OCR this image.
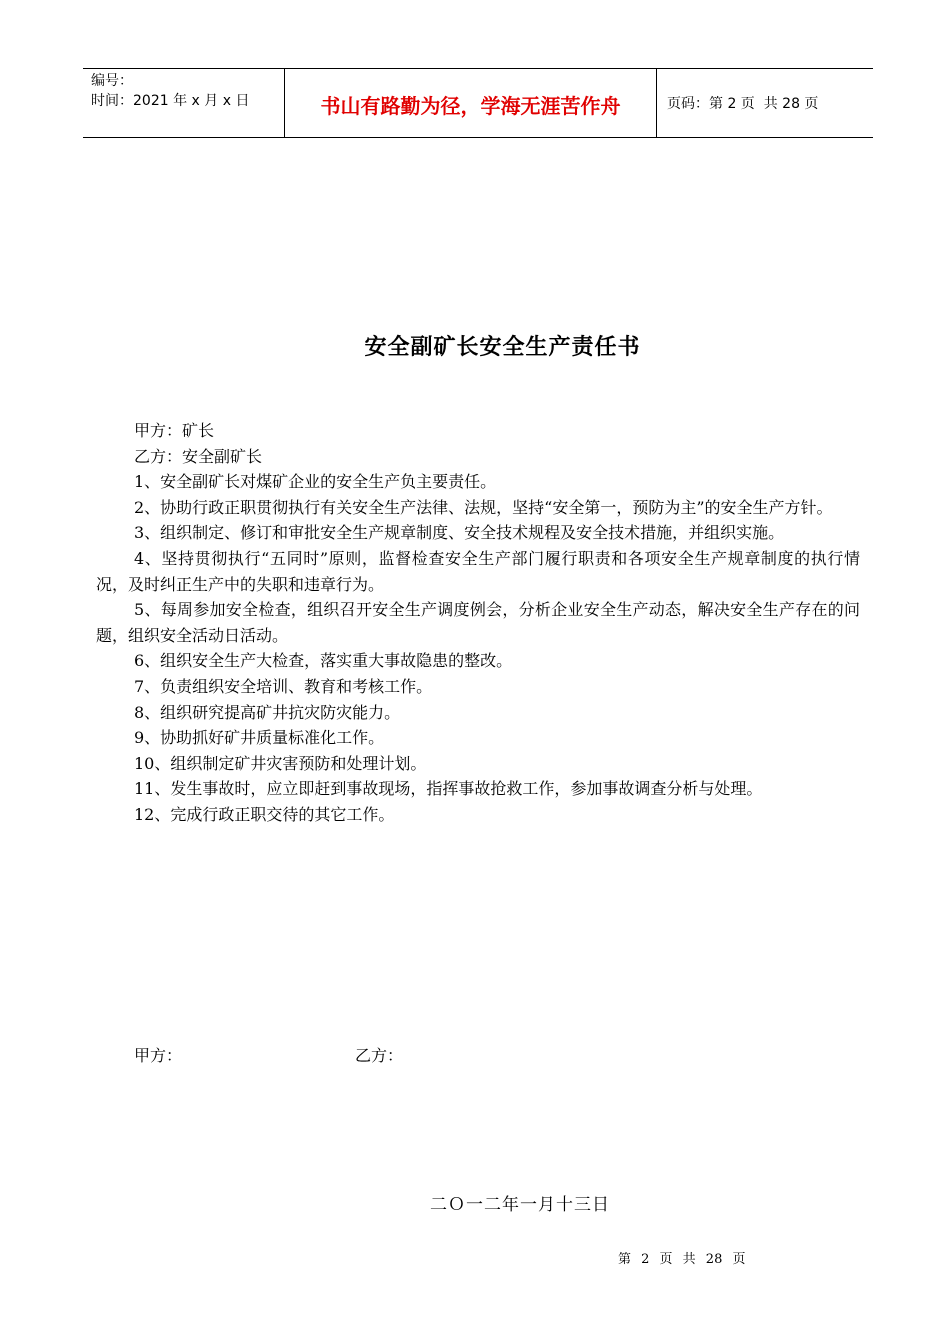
编号：
时间：2021 年 x 月 x 日	书山有路勤为径，学海无涯苦作舟	页码：第 2 页  共 28 页
安全副矿长安全生产责任书

甲方：矿长

乙方：安全副矿长

1、安全副矿长对煤矿企业的安全生产负主要责任。

2、协助行政正职贯彻执行有关安全生产法律、法规，坚持“安全第一，预防为主”的安全生产方针。

3、组织制定、修订和审批安全生产规章制度、安全技术规程及安全技术措施，并组织实施。

4、坚持贯彻执行“五同时”原则，监督检查安全生产部门履行职责和各项安全生产规章制度的执行情况，及时纠正生产中的失职和违章行为。

5、每周参加安全检查，组织召开安全生产调度例会，分析企业安全生产动态，解决安全生产存在的问题，组织安全活动日活动。

6、组织安全生产大检查，落实重大事故隐患的整改。

7、负责组织安全培训、教育和考核工作。

8、组织研究提高矿井抗灾防灾能力。

9、协助抓好矿井质量标准化工作。

10、组织制定矿井灾害预防和处理计划。

11、发生事故时，应立即赶到事故现场，指挥事故抢救工作，参加事故调查分析与处理。

12、完成行政正职交待的其它工作。

甲方：	乙方：
二Ｏ一二年一月十三日
第 2 页 共 28 页
